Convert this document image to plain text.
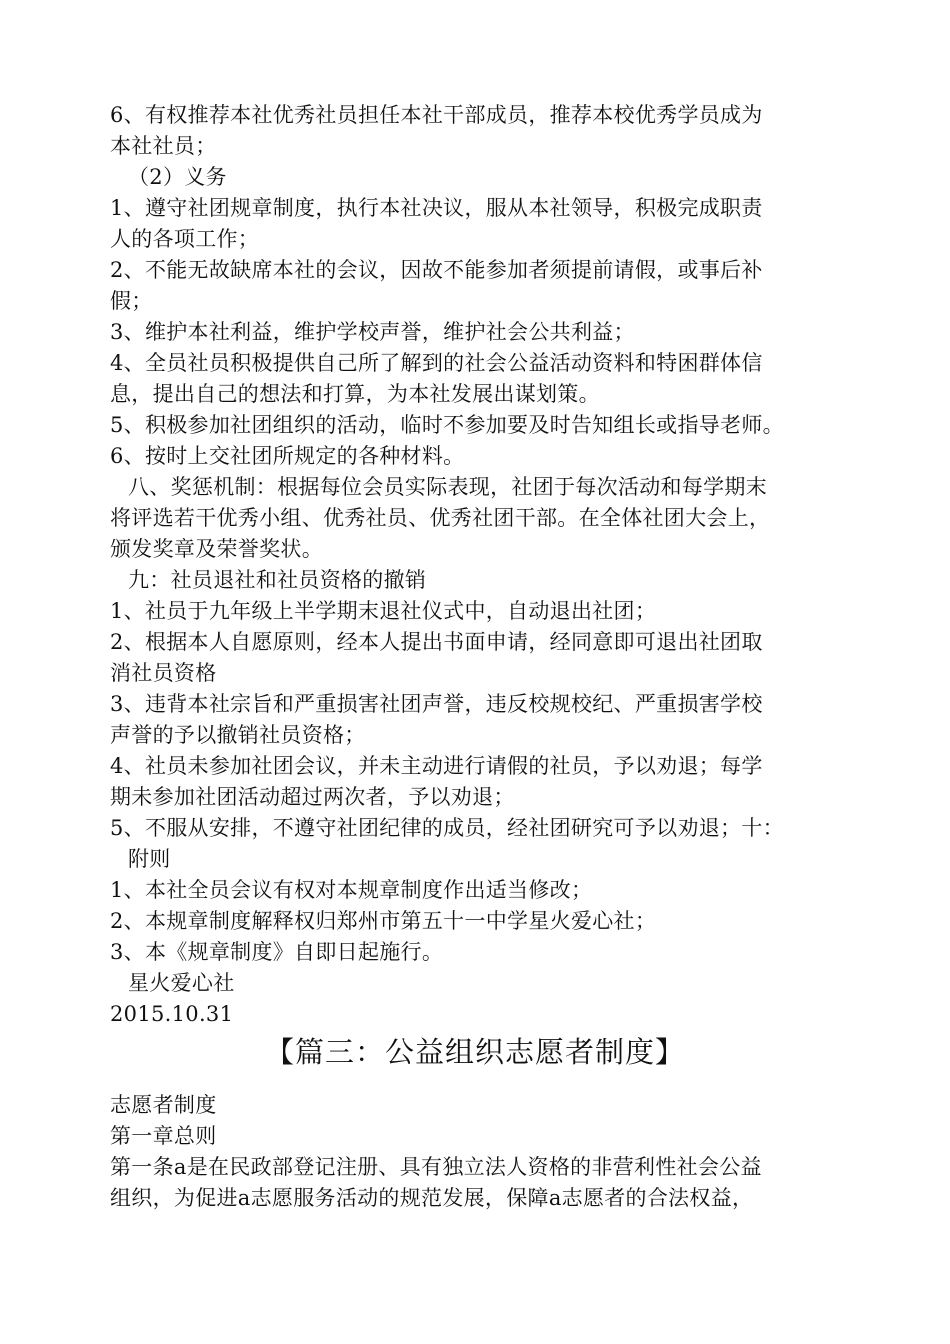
6、有权推荐本社优秀社员担任本社干部成员，推荐本校优秀学员成为
本社社员；
（2）义务
1、遵守社团规章制度，执行本社决议，服从本社领导，积极完成职责
人的各项工作；
2、不能无故缺席本社的会议，因故不能参加者须提前请假，或事后补
假；
3、维护本社利益，维护学校声誉，维护社会公共利益；
4、全员社员积极提供自己所了解到的社会公益活动资料和特困群体信
息，提出自己的想法和打算，为本社发展出谋划策。
5、积极参加社团组织的活动，临时不参加要及时告知组长或指导老师。
6、按时上交社团所规定的各种材料。
八、奖惩机制：根据每位会员实际表现，社团于每次活动和每学期末
将评选若干优秀小组、优秀社员、优秀社团干部。在全体社团大会上，
颁发奖章及荣誉奖状。
九：社员退社和社员资格的撤销
1、社员于九年级上半学期末退社仪式中，自动退出社团；
2、根据本人自愿原则，经本人提出书面申请，经同意即可退出社团取
消社员资格
3、违背本社宗旨和严重损害社团声誉，违反校规校纪、严重损害学校
声誉的予以撤销社员资格；
4、社员未参加社团会议，并未主动进行请假的社员，予以劝退；每学
期未参加社团活动超过两次者，予以劝退；
5、不服从安排，不遵守社团纪律的成员，经社团研究可予以劝退；十：
附则
1、本社全员会议有权对本规章制度作出适当修改；
2、本规章制度解释权归郑州市第五十一中学星火爱心社；
3、本《规章制度》自即日起施行。
星火爱心社
2015.10.31
【篇三：公益组织志愿者制度】
志愿者制度
第一章总则
第一条a是在民政部登记注册、具有独立法人资格的非营利性社会公益
组织，为促进a志愿服务活动的规范发展，保障a志愿者的合法权益，
